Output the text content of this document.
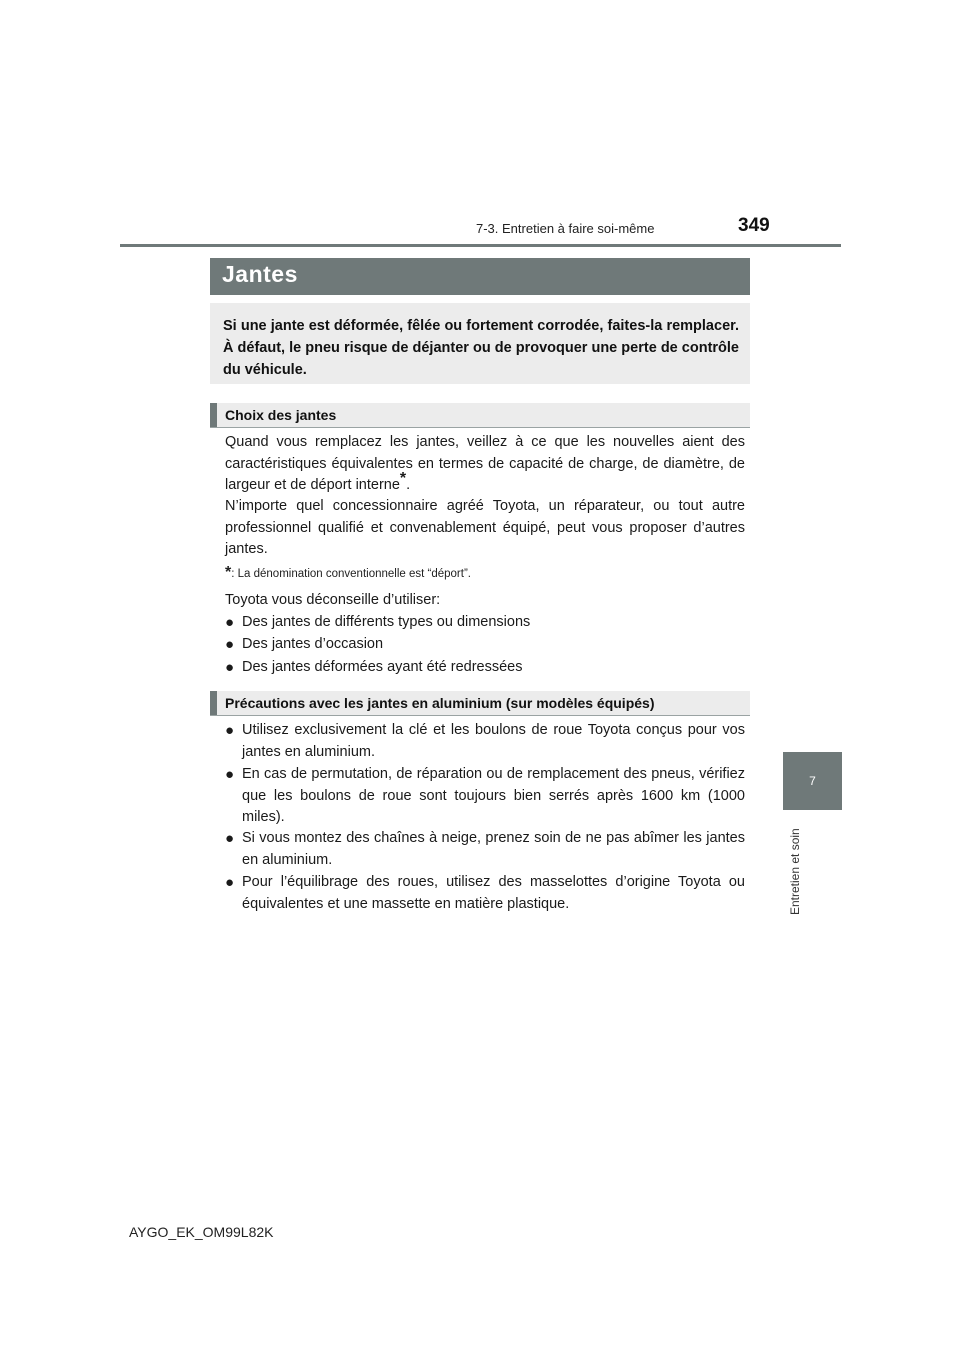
7-3. Entretien à faire soi-même	349
7
Entretien et soin
Jantes

Si une jante est déformée, fêlée ou fortement corrodée, faites-la remplacer. À défaut, le pneu risque de déjanter ou de provoquer une perte de contrôle du véhicule.

Choix des jantes

Quand vous remplacez les jantes, veillez à ce que les nouvelles aient des caractéristiques équivalentes en termes de capacité de charge, de diamètre, de largeur et de déport interne*.

N’importe quel concessionnaire agréé Toyota, un réparateur, ou tout autre professionnel qualifié et convenablement équipé, peut vous proposer d’autres jantes.

*: La dénomination conventionnelle est “déport”.

Toyota vous déconseille d’utiliser:

● Des jantes de différents types ou dimensions
● Des jantes d’occasion
● Des jantes déformées ayant été redressées
Précautions avec les jantes en aluminium (sur modèles équipés)
● Utilisez exclusivement la clé et les boulons de roue Toyota conçus pour vos jantes en aluminium.
● En cas de permutation, de réparation ou de remplacement des pneus, vérifiez que les boulons de roue sont toujours bien serrés après 1600 km (1000 miles).
● Si vous montez des chaînes à neige, prenez soin de ne pas abîmer les jantes en aluminium.
● Pour l’équilibrage des roues, utilisez des masselottes d’origine Toyota ou équivalentes et une massette en matière plastique.
AYGO_EK_OM99L82K
